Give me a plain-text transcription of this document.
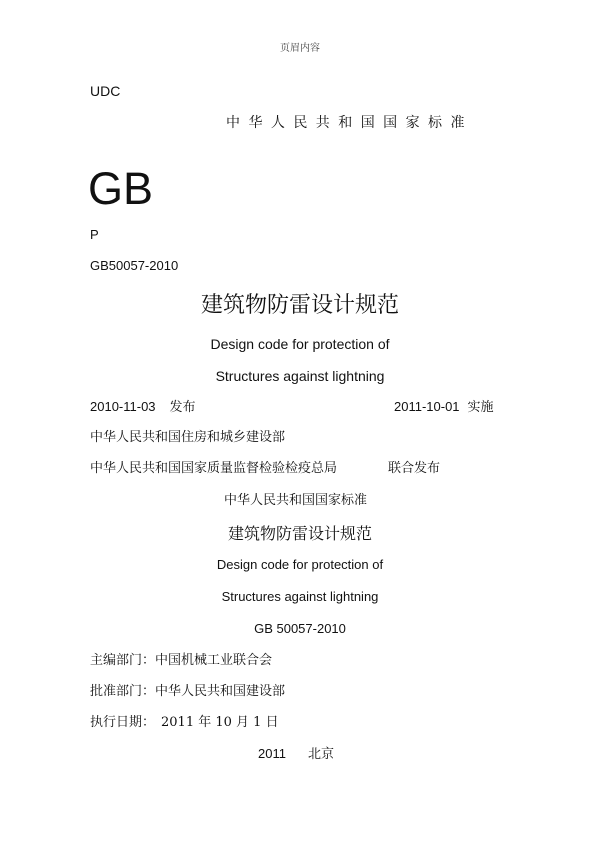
页眉内容
UDC
中 华 人 民 共 和 国 国 家 标 准
GB
P
GB50057-2010
建筑物防雷设计规范
Design code for protection of
Structures against lightning
2010-11-03 发布	2011-10-01 实施
中华人民共和国住房和城乡建设部
中华人民共和国国家质量监督检验检疫总局	联合发布
中华人民共和国国家标准
建筑物防雷设计规范
Design code for protection of
Structures against lightning
GB 50057-2010
主编部门：中国机械工业联合会
批准部门：中华人民共和国建设部
执行日期： 2011 年 10 月 1 日
2011 北京
